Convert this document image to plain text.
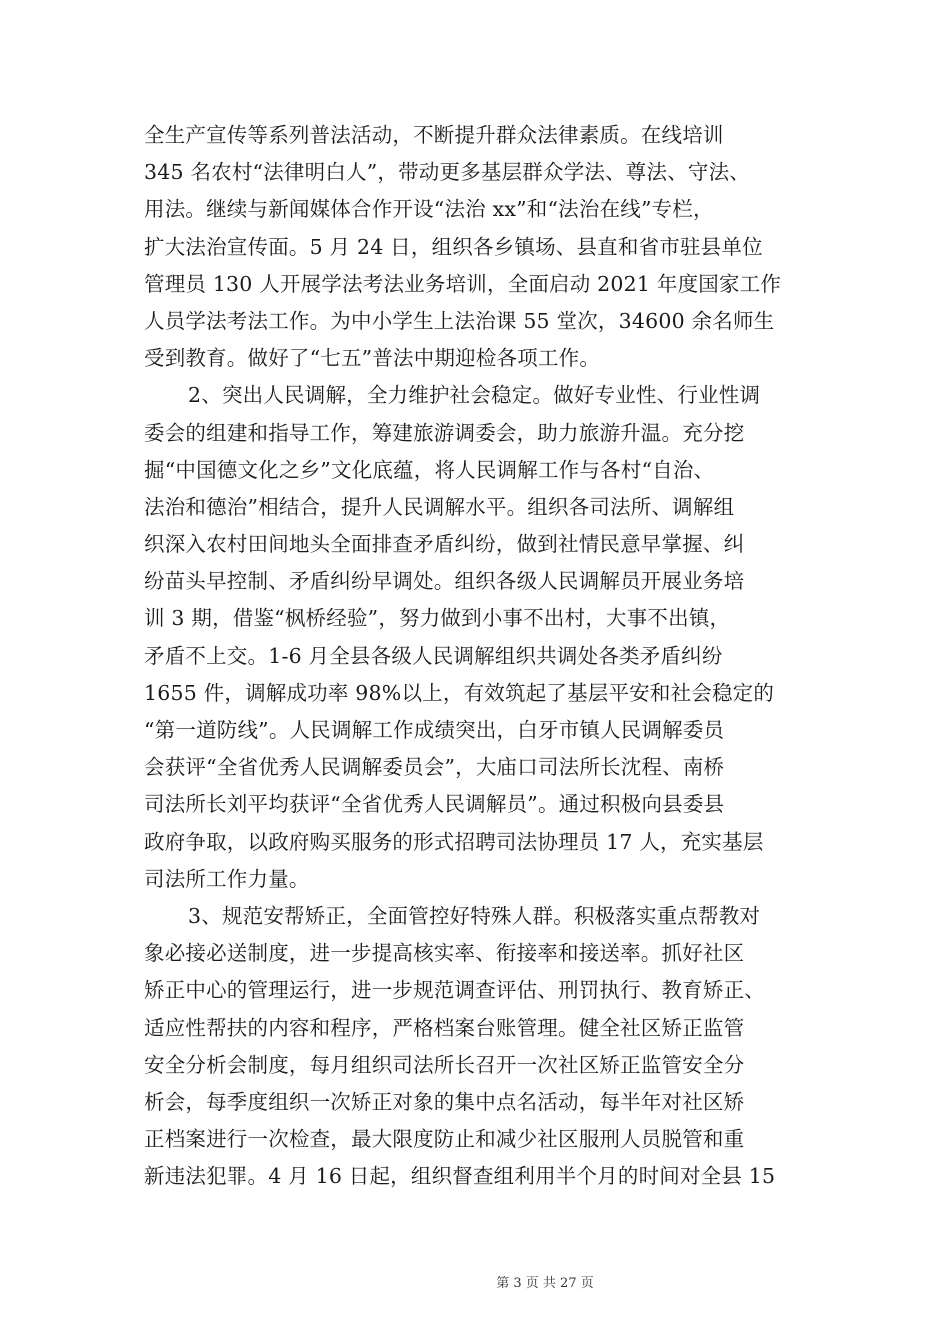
全生产宣传等系列普法活动，不断提升群众法律素质。在线培训
345 名农村“法律明白人”，带动更多基层群众学法、尊法、守法、
用法。继续与新闻媒体合作开设“法治 xx”和“法治在线”专栏，
扩大法治宣传面。5 月 24 日，组织各乡镇场、县直和省市驻县单位
管理员 130 人开展学法考法业务培训，全面启动 2021 年度国家工作
人员学法考法工作。为中小学生上法治课 55 堂次，34600 余名师生
受到教育。做好了“七五”普法中期迎检各项工作。
2、突出人民调解，全力维护社会稳定。做好专业性、行业性调
委会的组建和指导工作，筹建旅游调委会，助力旅游升温。充分挖
掘“中国德文化之乡”文化底蕴，将人民调解工作与各村“自治、
法治和德治”相结合，提升人民调解水平。组织各司法所、调解组
织深入农村田间地头全面排查矛盾纠纷，做到社情民意早掌握、纠
纷苗头早控制、矛盾纠纷早调处。组织各级人民调解员开展业务培
训 3 期，借鉴“枫桥经验”，努力做到小事不出村，大事不出镇，
矛盾不上交。1-6 月全县各级人民调解组织共调处各类矛盾纠纷
1655 件，调解成功率 98%以上，有效筑起了基层平安和社会稳定的
“第一道防线”。人民调解工作成绩突出，白牙市镇人民调解委员
会获评“全省优秀人民调解委员会”，大庙口司法所长沈程、南桥
司法所长刘平均获评“全省优秀人民调解员”。通过积极向县委县
政府争取，以政府购买服务的形式招聘司法协理员 17 人，充实基层
司法所工作力量。
3、规范安帮矫正，全面管控好特殊人群。积极落实重点帮教对
象必接必送制度，进一步提高核实率、衔接率和接送率。抓好社区
矫正中心的管理运行，进一步规范调查评估、刑罚执行、教育矫正、
适应性帮扶的内容和程序，严格档案台账管理。健全社区矫正监管
安全分析会制度，每月组织司法所长召开一次社区矫正监管安全分
析会，每季度组织一次矫正对象的集中点名活动，每半年对社区矫
正档案进行一次检查，最大限度防止和减少社区服刑人员脱管和重
新违法犯罪。4 月 16 日起，组织督查组利用半个月的时间对全县 15
第 3 页 共 27 页
